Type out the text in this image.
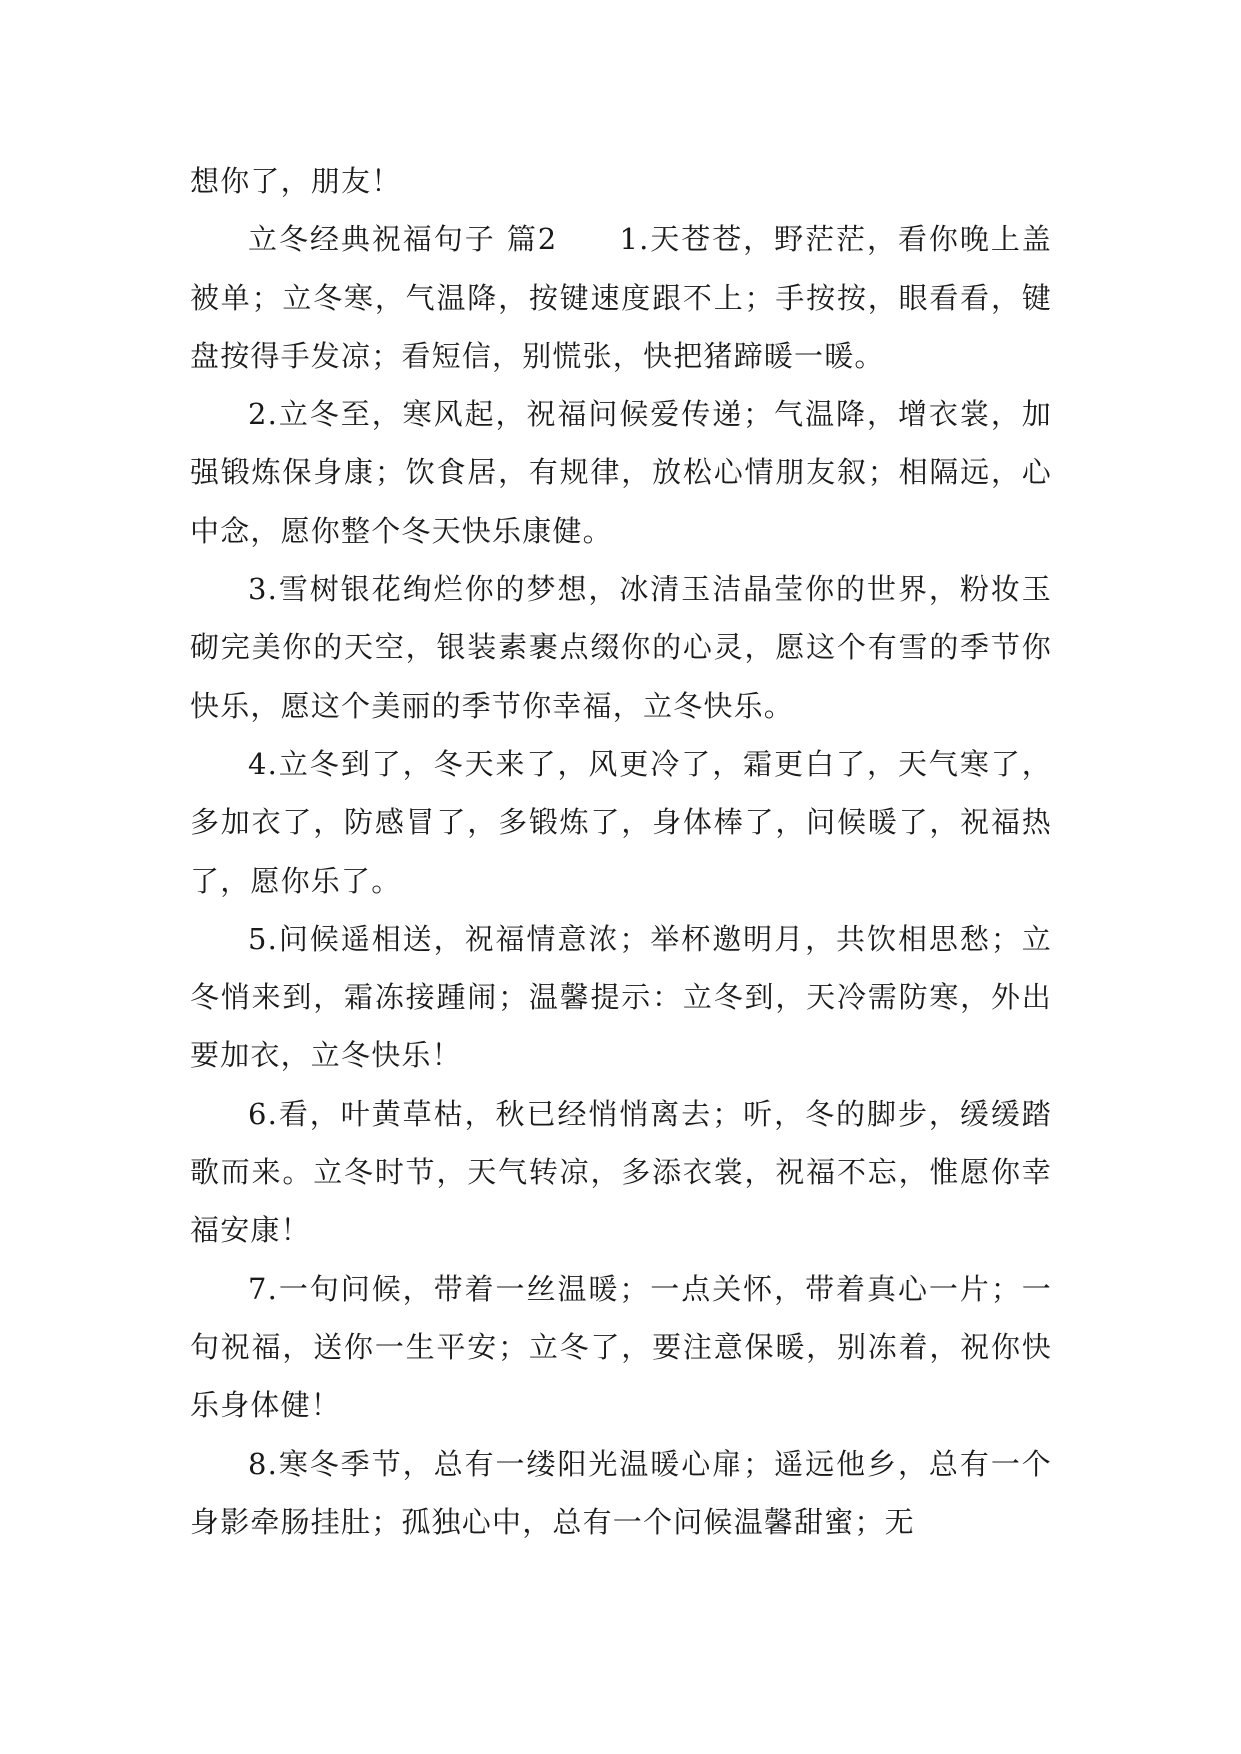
想你了，朋友！

立冬经典祝福句子 篇2 1.天苍苍，野茫茫，看你晚上盖被单；立冬寒，气温降，按键速度跟不上；手按按，眼看看，键盘按得手发凉；看短信，别慌张，快把猪蹄暖一暖。

2.立冬至，寒风起，祝福问候爱传递；气温降，增衣裳，加强锻炼保身康；饮食居，有规律，放松心情朋友叙；相隔远，心中念，愿你整个冬天快乐康健。

3.雪树银花绚烂你的梦想，冰清玉洁晶莹你的世界，粉妆玉砌完美你的天空，银装素裹点缀你的心灵，愿这个有雪的季节你快乐，愿这个美丽的季节你幸福，立冬快乐。

4.立冬到了，冬天来了，风更冷了，霜更白了，天气寒了，多加衣了，防感冒了，多锻炼了，身体棒了，问候暖了，祝福热了，愿你乐了。

5.问候遥相送，祝福情意浓；举杯邀明月，共饮相思愁；立冬悄来到，霜冻接踵闹；温馨提示：立冬到，天冷需防寒，外出要加衣，立冬快乐！

6.看，叶黄草枯，秋已经悄悄离去；听，冬的脚步，缓缓踏歌而来。立冬时节，天气转凉，多添衣裳，祝福不忘，惟愿你幸福安康！

7.一句问候，带着一丝温暖；一点关怀，带着真心一片；一句祝福，送你一生平安；立冬了，要注意保暖，别冻着，祝你快乐身体健！

8.寒冬季节，总有一缕阳光温暖心扉；遥远他乡，总有一个身影牵肠挂肚；孤独心中，总有一个问候温馨甜蜜；无
